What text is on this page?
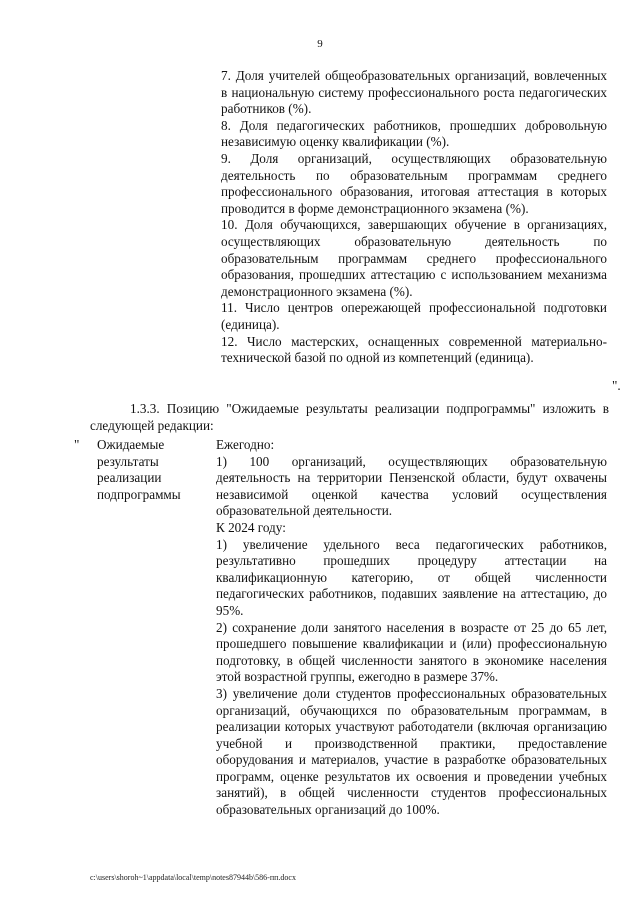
9

7. Доля учителей общеобразовательных организаций, вовлеченных в национальную систему профессионального роста педагогических работников (%).

8. Доля педагогических работников, прошедших добровольную независимую оценку квалификации (%).

9. Доля организаций, осуществляющих образовательную деятельность по образовательным программам среднего профессионального образования, итоговая аттестация в которых проводится в форме демонстрационного экзамена (%).

10. Доля обучающихся, завершающих обучение в организациях, осуществляющих образовательную деятельность по образовательным программам среднего профессионального образования, прошедших аттестацию с использованием механизма демонстрационного экзамена (%).

11. Число центров опережающей профессиональной подготовки (единица).

12. Число мастерских, оснащенных современной материально-технической базой по одной из компетенций (единица).

".

1.3.3. Позицию "Ожидаемые результаты реализации подпрограммы" изложить в следующей редакции:

" Ожидаемые результаты реализации подпрограммы

Ежегодно:

1) 100 организаций, осуществляющих образовательную деятельность на территории Пензенской области, будут охвачены независимой оценкой качества условий осуществления образовательной деятельности.

К 2024 году:

1) увеличение удельного веса педагогических работников, результативно прошедших процедуру аттестации на квалификационную категорию, от общей численности педагогических работников, подавших заявление на аттестацию, до 95%.

2) сохранение доли занятого населения в возрасте от 25 до 65 лет, прошедшего повышение квалификации и (или) профессиональную подготовку, в общей численности занятого в экономике населения этой возрастной группы, ежегодно в размере 37%.

3) увеличение доли студентов профессиональных образовательных организаций, обучающихся по образовательным программам, в реализации которых участвуют работодатели (включая организацию учебной и производственной практики, предоставление оборудования и материалов, участие в разработке образовательных программ, оценке результатов их освоения и проведении учебных занятий), в общей численности студентов профессиональных образовательных организаций до 100%.

c:\users\shoroh~1\appdata\local\temp\notes87944b\586-пп.docx
